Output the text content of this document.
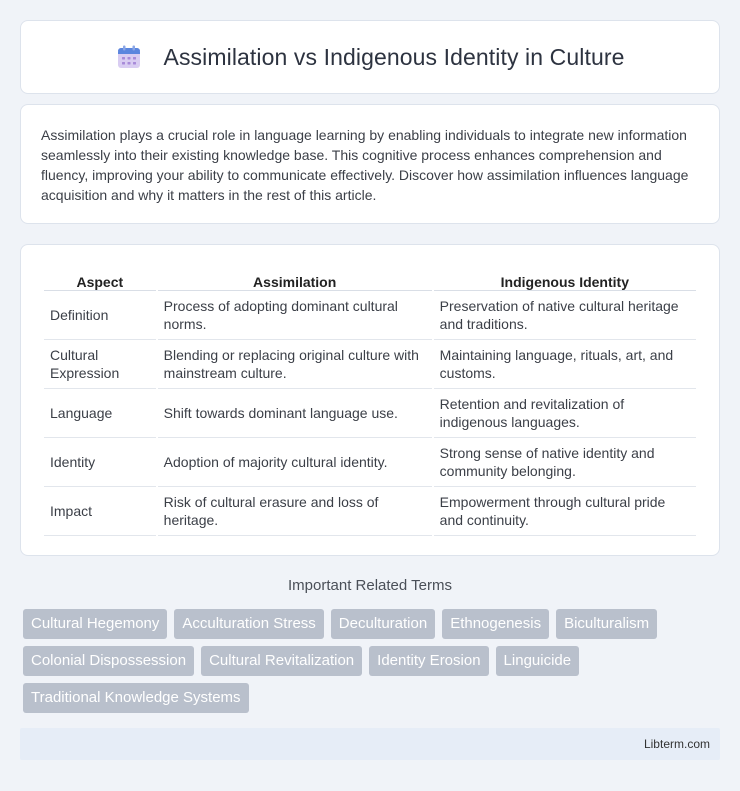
Assimilation vs Indigenous Identity in Culture

Assimilation plays a crucial role in language learning by enabling individuals to integrate new information seamlessly into their existing knowledge base. This cognitive process enhances comprehension and fluency, improving your ability to communicate effectively. Discover how assimilation influences language acquisition and why it matters in the rest of this article.

Aspect	Assimilation	Indigenous Identity
Definition	Process of adopting dominant cultural norms.	Preservation of native cultural heritage and traditions.
Cultural Expression	Blending or replacing original culture with mainstream culture.	Maintaining language, rituals, art, and customs.
Language	Shift towards dominant language use.	Retention and revitalization of indigenous languages.
Identity	Adoption of majority cultural identity.	Strong sense of native identity and community belonging.
Impact	Risk of cultural erasure and loss of heritage.	Empowerment through cultural pride and continuity.
Important Related Terms
Cultural Hegemony	Acculturation Stress	Deculturation	Ethnogenesis	Biculturalism
Colonial Dispossession	Cultural Revitalization	Identity Erosion	Linguicide
Traditional Knowledge Systems
Libterm.com
